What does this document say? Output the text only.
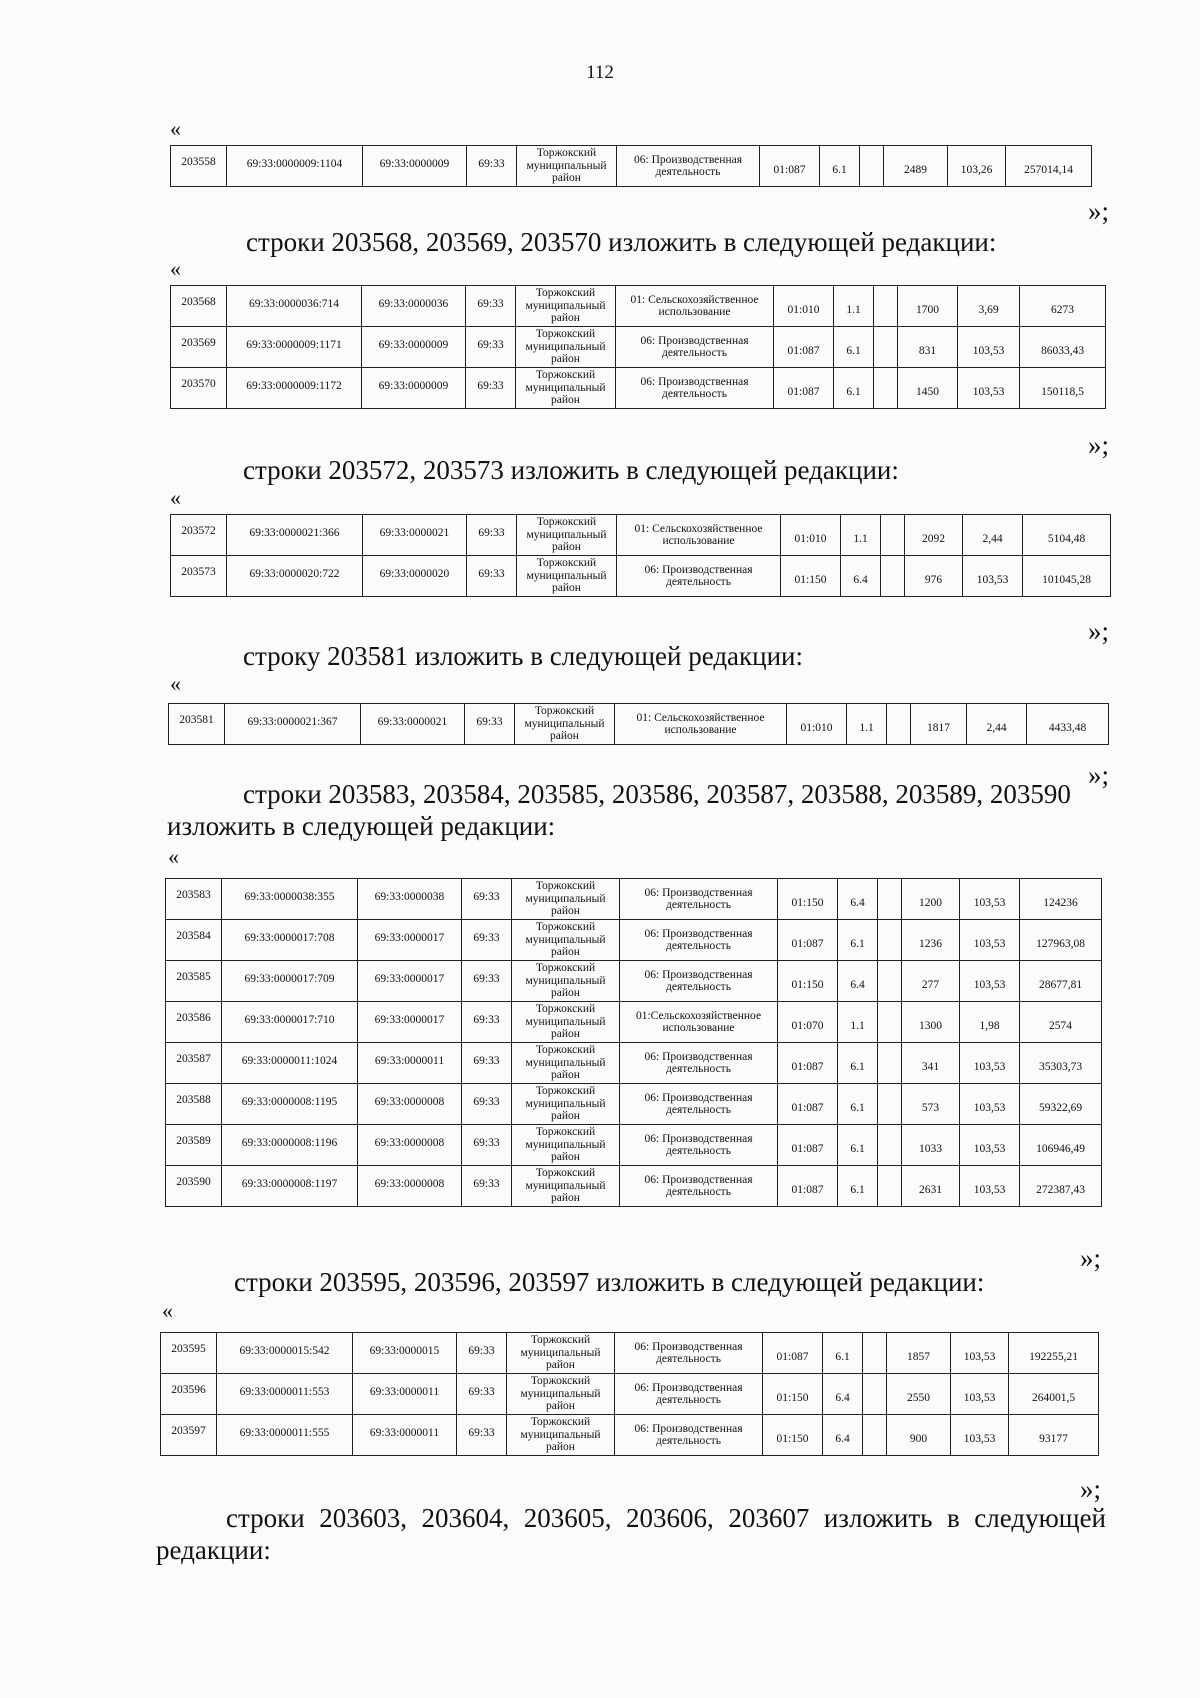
112
«
203558	69:33:0000009:1104	69:33:0000009	69:33	Торжокский муниципальный район	06: Производственная деятельность	01:087	6.1		2489	103,26	257014,14
»;
строки 203568, 203569, 203570 изложить в следующей редакции:
«
203568	69:33:0000036:714	69:33:0000036	69:33	Торжокский муниципальный район	01: Сельскохозяйственное использование	01:010	1.1		1700	3,69	6273
203569	69:33:0000009:1171	69:33:0000009	69:33	Торжокский муниципальный район	06: Производственная деятельность	01:087	6.1		831	103,53	86033,43
203570	69:33:0000009:1172	69:33:0000009	69:33	Торжокский муниципальный район	06: Производственная деятельность	01:087	6.1		1450	103,53	150118,5
»;
строки 203572, 203573 изложить в следующей редакции:
«
203572	69:33:0000021:366	69:33:0000021	69:33	Торжокский муниципальный район	01: Сельскохозяйственное использование	01:010	1.1		2092	2,44	5104,48
203573	69:33:0000020:722	69:33:0000020	69:33	Торжокский муниципальный район	06: Производственная деятельность	01:150	6.4		976	103,53	101045,28
»;
строку 203581 изложить в следующей редакции:
«
203581	69:33:0000021:367	69:33:0000021	69:33	Торжокский муниципальный район	01: Сельскохозяйственное использование	01:010	1.1		1817	2,44	4433,48
»;
строки 203583, 203584, 203585, 203586, 203587, 203588, 203589, 203590 изложить в следующей редакции:
«
203583	69:33:0000038:355	69:33:0000038	69:33	Торжокский муниципальный район	06: Производственная деятельность	01:150	6.4		1200	103,53	124236
203584	69:33:0000017:708	69:33:0000017	69:33	Торжокский муниципальный район	06: Производственная деятельность	01:087	6.1		1236	103,53	127963,08
203585	69:33:0000017:709	69:33:0000017	69:33	Торжокский муниципальный район	06: Производственная деятельность	01:150	6.4		277	103,53	28677,81
203586	69:33:0000017:710	69:33:0000017	69:33	Торжокский муниципальный район	01:Сельскохозяйственное использование	01:070	1.1		1300	1,98	2574
203587	69:33:0000011:1024	69:33:0000011	69:33	Торжокский муниципальный район	06: Производственная деятельность	01:087	6.1		341	103,53	35303,73
203588	69:33:0000008:1195	69:33:0000008	69:33	Торжокский муниципальный район	06: Производственная деятельность	01:087	6.1		573	103,53	59322,69
203589	69:33:0000008:1196	69:33:0000008	69:33	Торжокский муниципальный район	06: Производственная деятельность	01:087	6.1		1033	103,53	106946,49
203590	69:33:0000008:1197	69:33:0000008	69:33	Торжокский муниципальный район	06: Производственная деятельность	01:087	6.1		2631	103,53	272387,43
»;
строки 203595, 203596, 203597 изложить в следующей редакции:
«
203595	69:33:0000015:542	69:33:0000015	69:33	Торжокский муниципальный район	06: Производственная деятельность	01:087	6.1		1857	103,53	192255,21
203596	69:33:0000011:553	69:33:0000011	69:33	Торжокский муниципальный район	06: Производственная деятельность	01:150	6.4		2550	103,53	264001,5
203597	69:33:0000011:555	69:33:0000011	69:33	Торжокский муниципальный район	06: Производственная деятельность	01:150	6.4		900	103,53	93177
»;
строки 203603, 203604, 203605, 203606, 203607 изложить в следующей редакции:
